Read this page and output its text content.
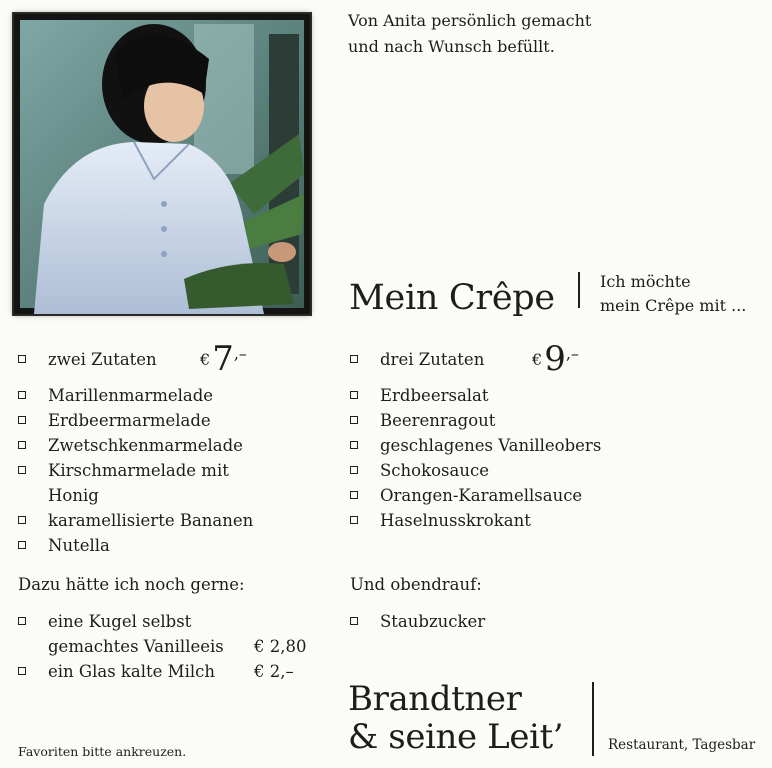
Von Anita persönlich gemacht
und nach Wunsch befüllt.
Mein Crêpe	Ich möchte
mein Crêpe mit ...
zwei Zutaten	€ 7 ,–
Marillenmarmelade
Erdbeermarmelade
Zwetschkenmarmelade
Kirschmarmelade mit
Honig
karamellisierte Bananen
Nutella
Dazu hätte ich noch gerne:
eine Kugel selbst
gemachtes Vanilleeis € 2,80
ein Glas kalte Milch € 2,–
drei Zutaten	€ 9 ,–
Erdbeersalat
Beerenragout
geschlagenes Vanilleobers
Schokosauce
Orangen-Karamellsauce
Haselnusskrokant
Und obendrauf:
Staubzucker
Brandtner
& seine Leit’	Restaurant, Tagesbar
Favoriten bitte ankreuzen.
